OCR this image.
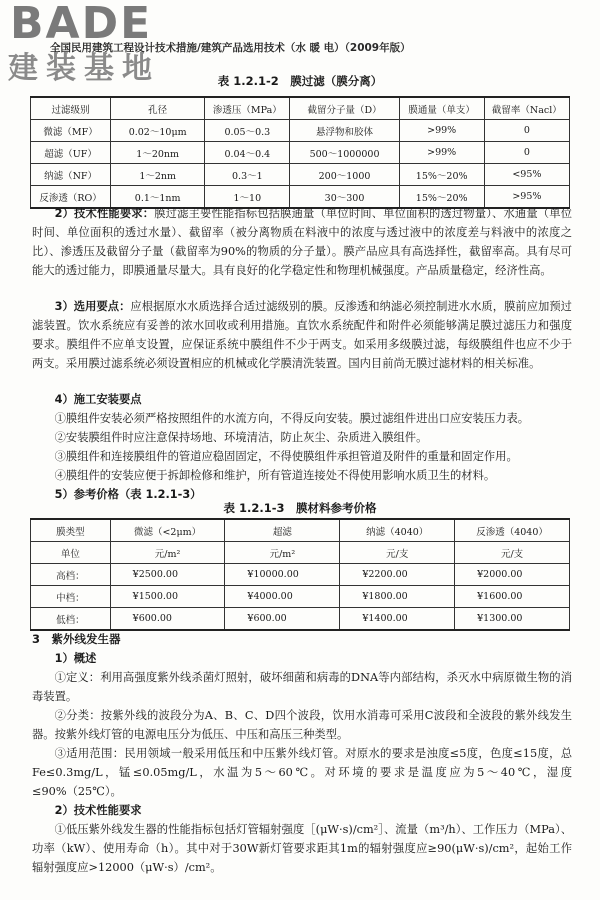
BADE
全国民用建筑工程设计技术措施/建筑产品选用技术（水 暖 电）（2009年版）
建装基地	表 1.2.1-2　膜过滤（膜分离）
过滤级别	孔径	渗透压（MPa）	截留分子量（D）	膜通量（单支）	截留率（Nacl）
微滤（MF）	0.02～10μm	0.05～0.3	悬浮物和胶体	>99%	0
超滤（UF）	1～20nm	0.04～0.4	500～1000000	>99%	0
纳滤（NF）	1～2nm	0.3～1	200～1000	15%～20%	<95%
反渗透（RO）	0.1～1nm	1～10	30～300	15%～20%	>95%

2）技术性能要求：膜过滤主要性能指标包括膜通量（单位时间、单位面积的透过物量）、水通量（单位时间、单位面积的透过水量）、截留率（被分离物质在料液中的浓度与透过液中的浓度差与料液中的浓度之比）、渗透压及截留分子量（截留率为90%的物质的分子量）。膜产品应具有高选择性，截留率高。具有尽可能大的透过能力，即膜通量尽量大。具有良好的化学稳定性和物理机械强度。产品质量稳定，经济性高。

3）选用要点：应根据原水水质选择合适过滤级别的膜。反渗透和纳滤必须控制进水水质，膜前应加预过滤装置。饮水系统应有妥善的浓水回收或利用措施。直饮水系统配件和附件必须能够满足膜过滤压力和强度要求。膜组件不应单支设置，应保证系统中膜组件不少于两支。如采用多级膜过滤，每级膜组件也应不少于两支。采用膜过滤系统必须设置相应的机械或化学膜清洗装置。国内目前尚无膜过滤材料的相关标准。

4）施工安装要点
①膜组件安装必须严格按照组件的水流方向，不得反向安装。膜过滤组件进出口应安装压力表。
②安装膜组件时应注意保持场地、环境清洁，防止灰尘、杂质进入膜组件。
③膜组件和连接膜组件的管道应稳固固定，不得使膜组件承担管道及附件的重量和固定作用。
④膜组件的安装应便于拆卸检修和维护，所有管道连接处不得使用影响水质卫生的材料。
5）参考价格（表 1.2.1-3）
表 1.2.1-3　膜材料参考价格
膜类型	微滤（<2μm）	超滤	纳滤（4040）	反渗透（4040）
单位	元/m²	元/m²	元/支	元/支
高档：	¥2500.00	¥10000.00	¥2200.00	¥2000.00
中档：	¥1500.00	¥4000.00	¥1800.00	¥1600.00
低档：	¥600.00	¥600.00	¥1400.00	¥1300.00
3　紫外线发生器
1）概述
①定义：利用高强度紫外线杀菌灯照射，破坏细菌和病毒的DNA等内部结构，杀灭水中病原微生物的消毒装置。
②分类：按紫外线的波段分为A、B、C、D四个波段，饮用水消毒可采用C波段和全波段的紫外线发生器。按紫外线灯管的电源电压分为低压、中压和高压三种类型。
③适用范围：民用领域一般采用低压和中压紫外线灯管。对原水的要求是浊度≤5度，色度≤15度，总Fe≤0.3mg/L，锰≤0.05mg/L，水温为5～60℃。对环境的要求是温度应为5～40℃，湿度≤90%（25℃）。
2）技术性能要求
①低压紫外线发生器的性能指标包括灯管辐射强度［(μW·s)/cm²］、流量（m³/h）、工作压力（MPa）、功率（kW）、使用寿命（h）。其中对于30W新灯管要求距其1m的辐射强度应≥90(μW·s)/cm²，起始工作辐射强度应>12000（μW·s）/cm²。
